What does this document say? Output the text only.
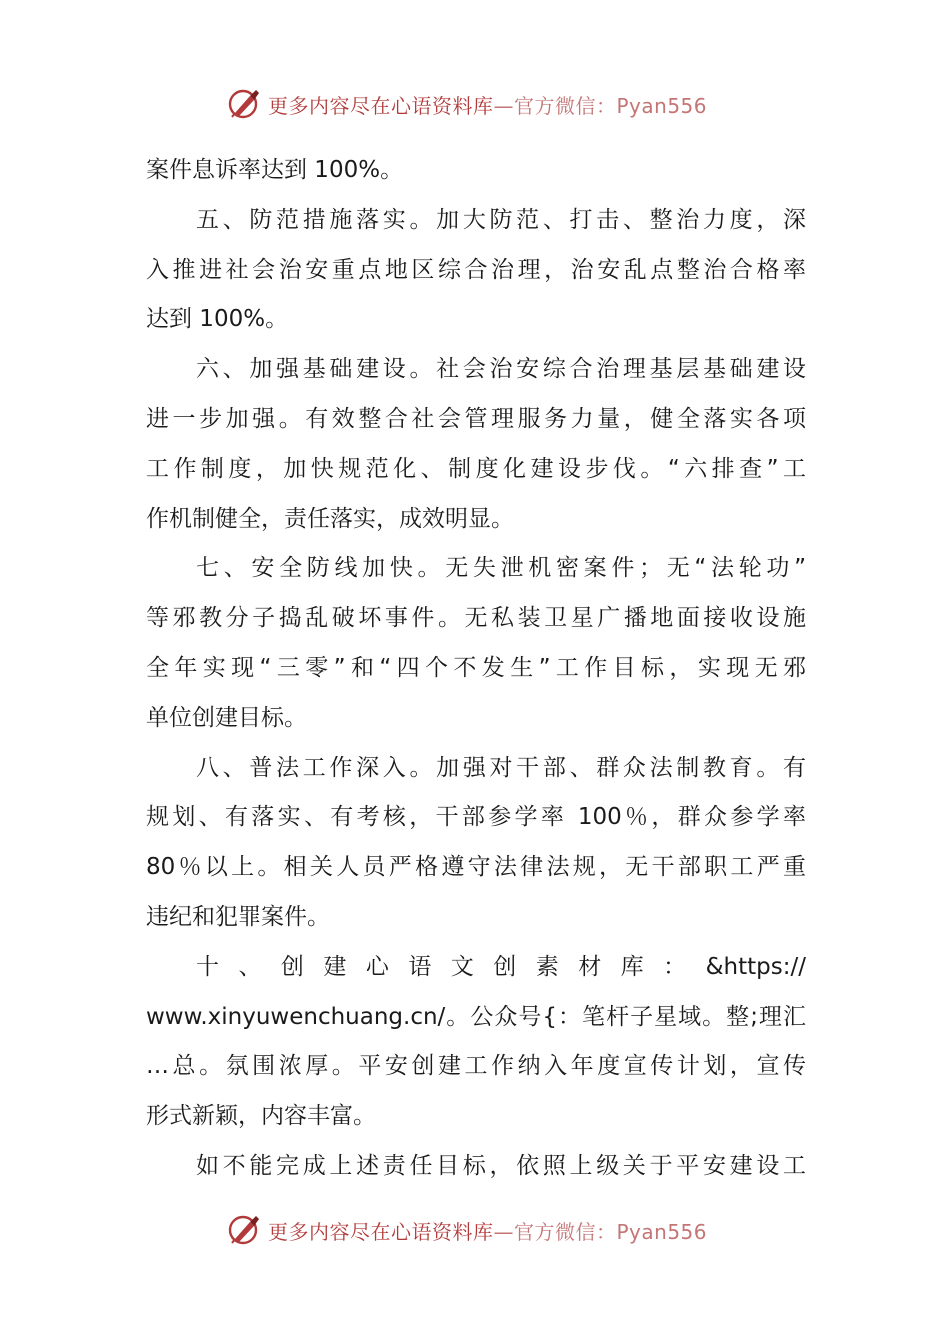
更多内容尽在心语资料库—官方微信：Pyan556
案件息诉率达到 100%。
五、防范措施落实。加大防范、打击、整治力度，深
入推进社会治安重点地区综合治理，治安乱点整治合格率
达到 100%。
六、加强基础建设。社会治安综合治理基层基础建设
进一步加强。有效整合社会管理服务力量，健全落实各项
工作制度，加快规范化、制度化建设步伐。“六排查”工
作机制健全，责任落实，成效明显。
七、安全防线加快。无失泄机密案件；无“法轮功”
等邪教分子捣乱破坏事件。无私装卫星广播地面接收设施
全年实现“三零”和“四个不发生”工作目标，实现无邪
单位创建目标。
八、普法工作深入。加强对干部、群众法制教育。有
规划、有落实、有考核，干部参学率 100％，群众参学率
80％以上。相关人员严格遵守法律法规，无干部职工严重
违纪和犯罪案件。
十 、 创 建 心 语 文 创 素 材 库 ： &https://
www.xinyuwenchuang.cn/。公众号{：笔杆子星域。整;理汇
…总。氛围浓厚。平安创建工作纳入年度宣传计划，宣传
形式新颖，内容丰富。
如不能完成上述责任目标，依照上级关于平安建设工
更多内容尽在心语资料库—官方微信：Pyan556
